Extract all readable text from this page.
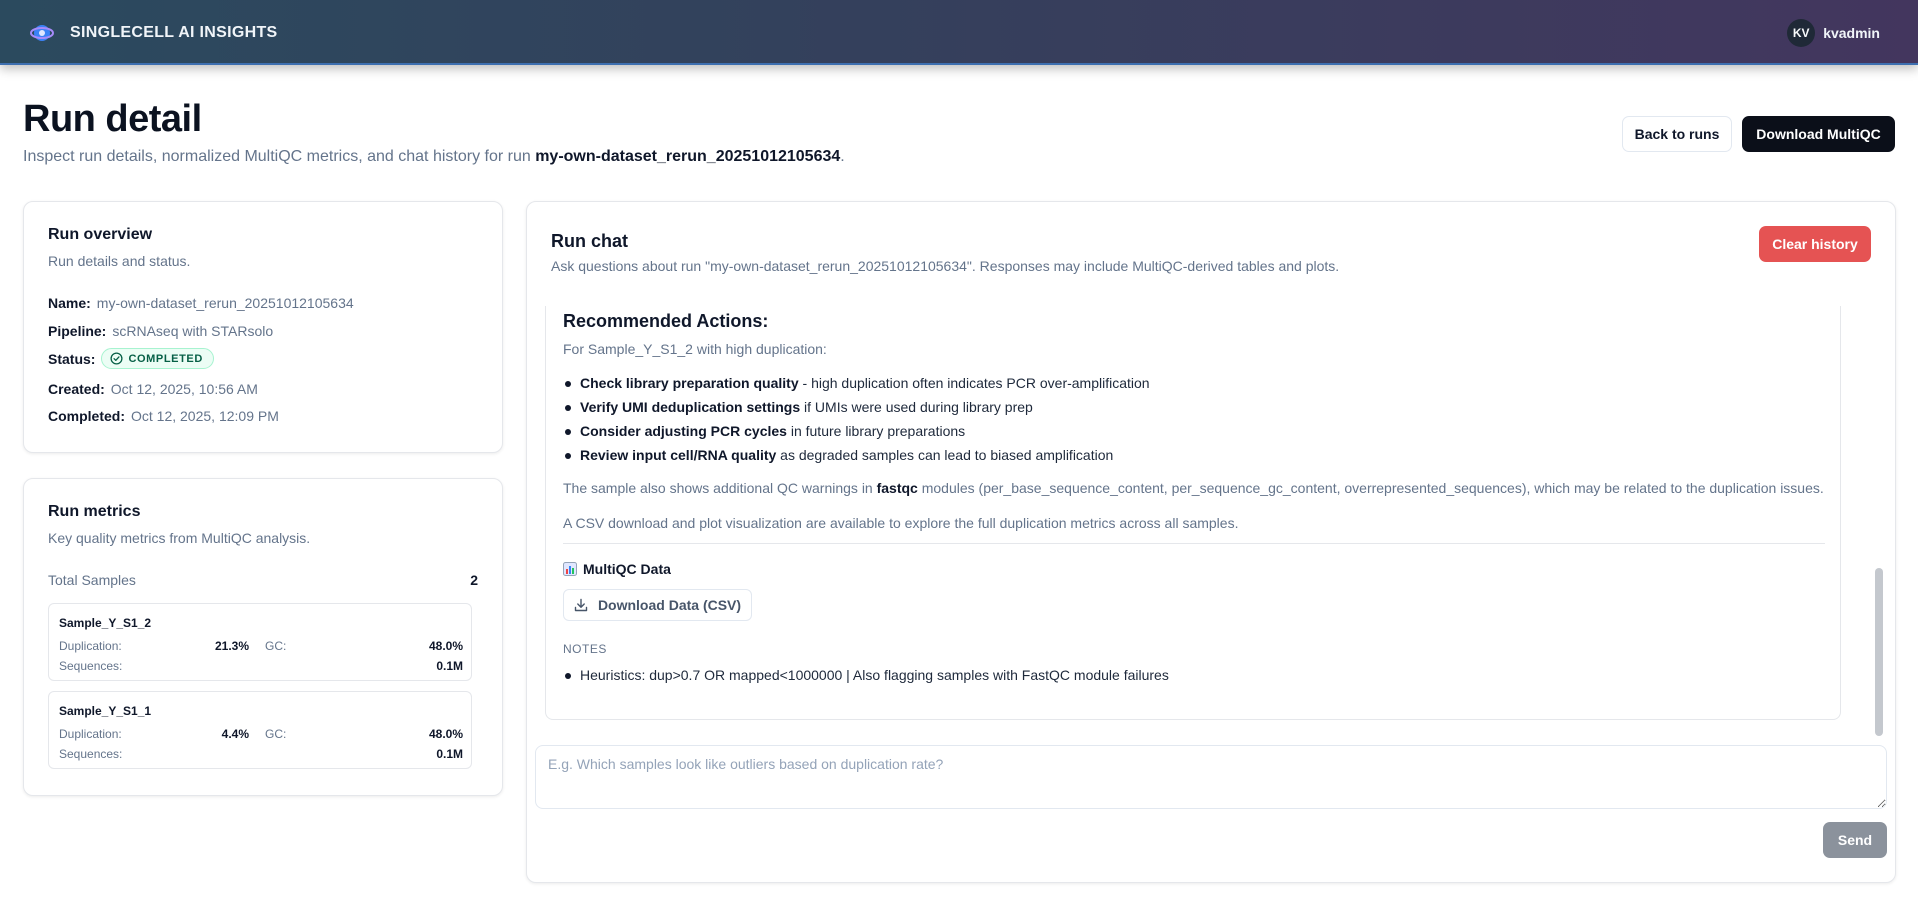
SINGLECELL AI INSIGHTS	KV kvadmin
Run detail
Inspect run details, normalized MultiQC metrics, and chat history for run my-own-dataset_rerun_20251012105634.
Back to runs	Download MultiQC
Run overview
Run details and status.
Name: my-own-dataset_rerun_20251012105634
Pipeline: scRNAseq with STARsolo
Status:	COMPLETED
Created: Oct 12, 2025, 10:56 AM
Completed: Oct 12, 2025, 12:09 PM
Run metrics
Key quality metrics from MultiQC analysis.
Total Samples	2
Sample_Y_S1_2
Duplication:	21.3% GC:	48.0%
Sequences:	0.1M
Sample_Y_S1_1
Duplication:	4.4% GC:	48.0%
Sequences:	0.1M
Run chat
Ask questions about run "my-own-dataset_rerun_20251012105634". Responses may include MultiQC-derived tables and plots.
Clear history
Recommended Actions:
For Sample_Y_S1_2 with high duplication:
Check library preparation quality - high duplication often indicates PCR over-amplification
Verify UMI deduplication settings if UMIs were used during library prep
Consider adjusting PCR cycles in future library preparations
Review input cell/RNA quality as degraded samples can lead to biased amplification
The sample also shows additional QC warnings in fastqc modules (per_base_sequence_content, per_sequence_gc_content, overrepresented_sequences), which may be related to the duplication issues.
A CSV download and plot visualization are available to explore the full duplication metrics across all samples.
MultiQC Data
Download Data (CSV)
NOTES
Heuristics: dup>0.7 OR mapped<1000000 | Also flagging samples with FastQC module failures
E.g. Which samples look like outliers based on duplication rate?
Send
